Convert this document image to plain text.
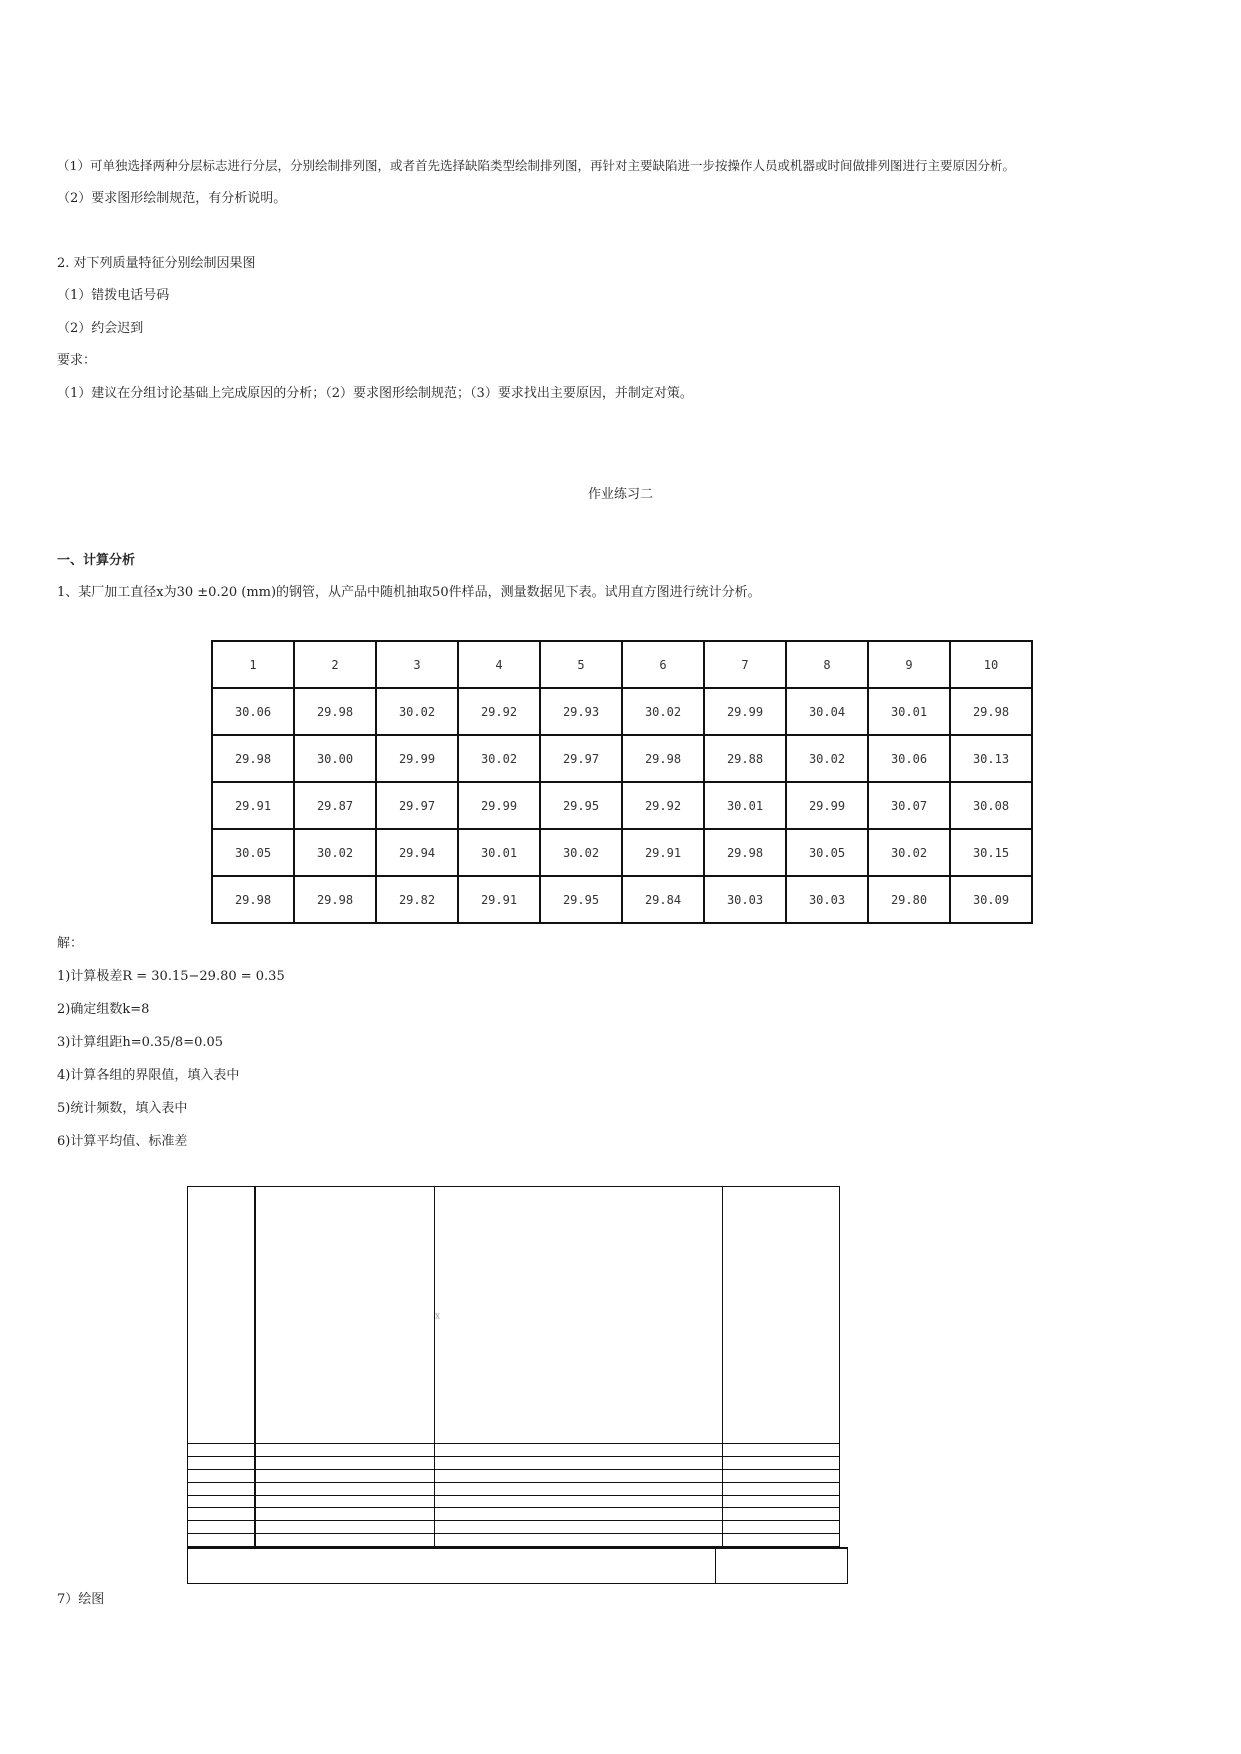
（1）可单独选择两种分层标志进行分层，分别绘制排列图，或者首先选择缺陷类型绘制排列图，再针对主要缺陷进一步按操作人员或机器或时间做排列图进行主要原因分析。
（2）要求图形绘制规范，有分析说明。
2. 对下列质量特征分别绘制因果图
（1）错拨电话号码
（2）约会迟到
要求：
（1）建议在分组讨论基础上完成原因的分析；（2）要求图形绘制规范；（3）要求找出主要原因，并制定对策。
作业练习二
一、计算分析
1、某厂加工直径x为30 ±0.20 (mm)的钢管，从产品中随机抽取50件样品，测量数据见下表。试用直方图进行统计分析。
1	2	3	4	5	6	7	8	9	10
30.06	29.98	30.02	29.92	29.93	30.02	29.99	30.04	30.01	29.98
29.98	30.00	29.99	30.02	29.97	29.98	29.88	30.02	30.06	30.13
29.91	29.87	29.97	29.99	29.95	29.92	30.01	29.99	30.07	30.08
30.05	30.02	29.94	30.01	30.02	29.91	29.98	30.05	30.02	30.15
29.98	29.98	29.82	29.91	29.95	29.84	30.03	30.03	29.80	30.09
解：
1)计算极差R = 30.15−29.80 = 0.35
2)确定组数k=8
3)计算组距h=0.35/8=0.05
4)计算各组的界限值，填入表中
5)统计频数，填入表中
6)计算平均值、标准差
		x	

7）绘图
